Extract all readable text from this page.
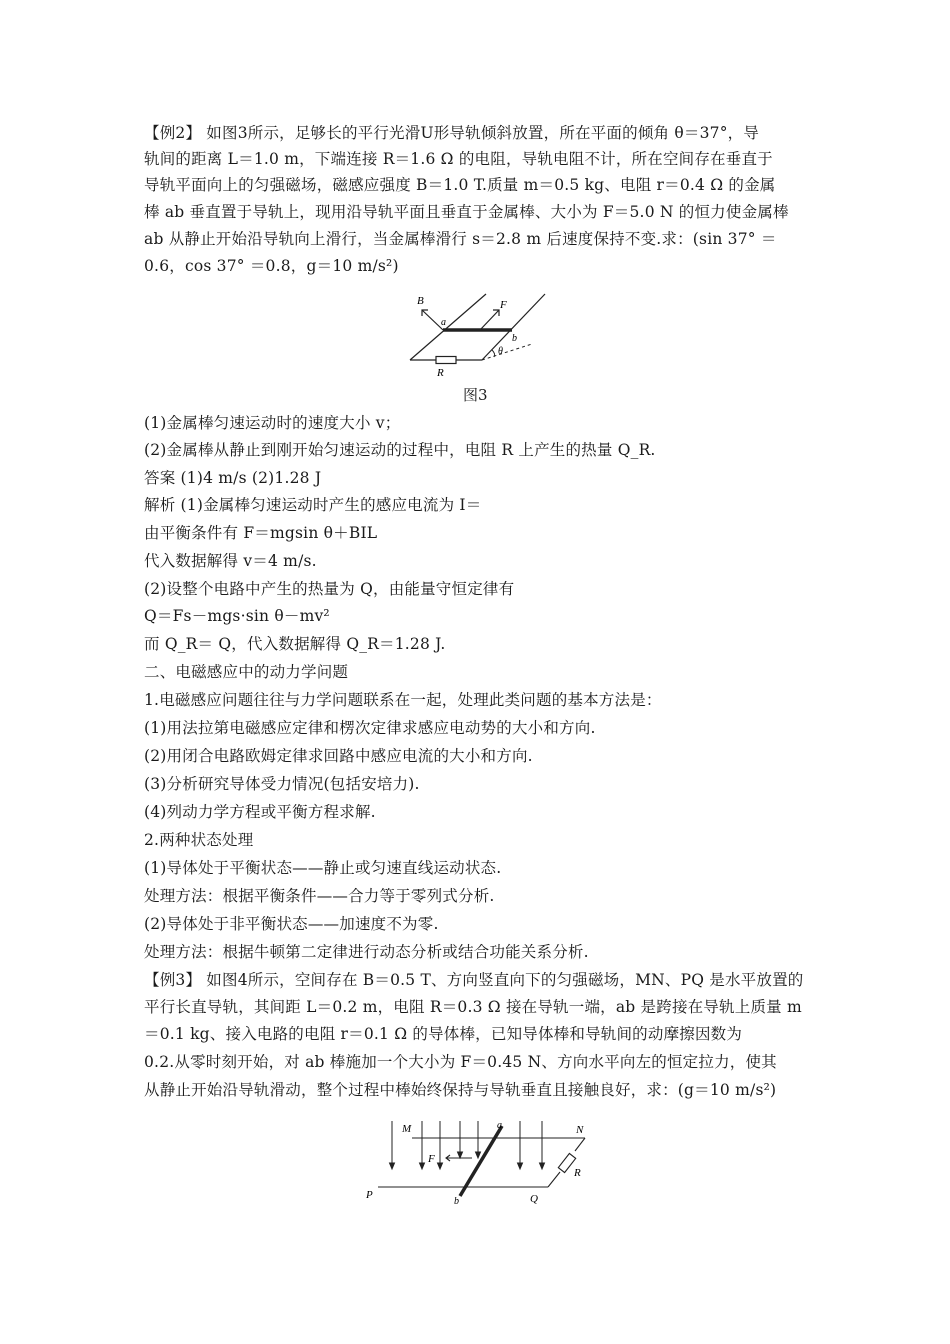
【例2】 如图3所示，足够长的平行光滑U形导轨倾斜放置，所在平面的倾角 θ＝37°，导
轨间的距离 L＝1.0 m，下端连接 R＝1.6 Ω 的电阻，导轨电阻不计，所在空间存在垂直于
导轨平面向上的匀强磁场，磁感应强度 B＝1.0 T.质量 m＝0.5 kg、电阻 r＝0.4 Ω 的金属
棒 ab 垂直置于导轨上，现用沿导轨平面且垂直于金属棒、大小为 F＝5.0 N 的恒力使金属棒
ab 从静止开始沿导轨向上滑行，当金属棒滑行 s＝2.8 m 后速度保持不变.求：(sin 37° ＝
0.6，cos 37° ＝0.8，g＝10 m/s²)
B	F
a
b
θ
R
图3
(1)金属棒匀速运动时的速度大小 v；
(2)金属棒从静止到刚开始匀速运动的过程中，电阻 R 上产生的热量 Q_R.
答案 (1)4 m/s (2)1.28 J
解析 (1)金属棒匀速运动时产生的感应电流为 I＝
由平衡条件有 F＝mgsin θ＋BIL
代入数据解得 v＝4 m/s.
(2)设整个电路中产生的热量为 Q，由能量守恒定律有
Q＝Fs－mgs·sin θ－mv²
而 Q_R＝ Q，代入数据解得 Q_R＝1.28 J.
二、电磁感应中的动力学问题
1.电磁感应问题往往与力学问题联系在一起，处理此类问题的基本方法是：
(1)用法拉第电磁感应定律和楞次定律求感应电动势的大小和方向.
(2)用闭合电路欧姆定律求回路中感应电流的大小和方向.
(3)分析研究导体受力情况(包括安培力).
(4)列动力学方程或平衡方程求解.
2.两种状态处理
(1)导体处于平衡状态——静止或匀速直线运动状态.
处理方法：根据平衡条件——合力等于零列式分析.
(2)导体处于非平衡状态——加速度不为零.
处理方法：根据牛顿第二定律进行动态分析或结合功能关系分析.
【例3】 如图4所示，空间存在 B＝0.5 T、方向竖直向下的匀强磁场，MN、PQ 是水平放置的
平行长直导轨，其间距 L＝0.2 m，电阻 R＝0.3 Ω 接在导轨一端，ab 是跨接在导轨上质量 m
＝0.1 kg、接入电路的电阻 r＝0.1 Ω 的导体棒，已知导体棒和导轨间的动摩擦因数为
0.2.从零时刻开始，对 ab 棒施加一个大小为 F＝0.45 N、方向水平向左的恒定拉力，使其
从静止开始沿导轨滑动，整个过程中棒始终保持与导轨垂直且接触良好，求：(g＝10 m/s²)
M	N
P	Q
a
b
F
R
